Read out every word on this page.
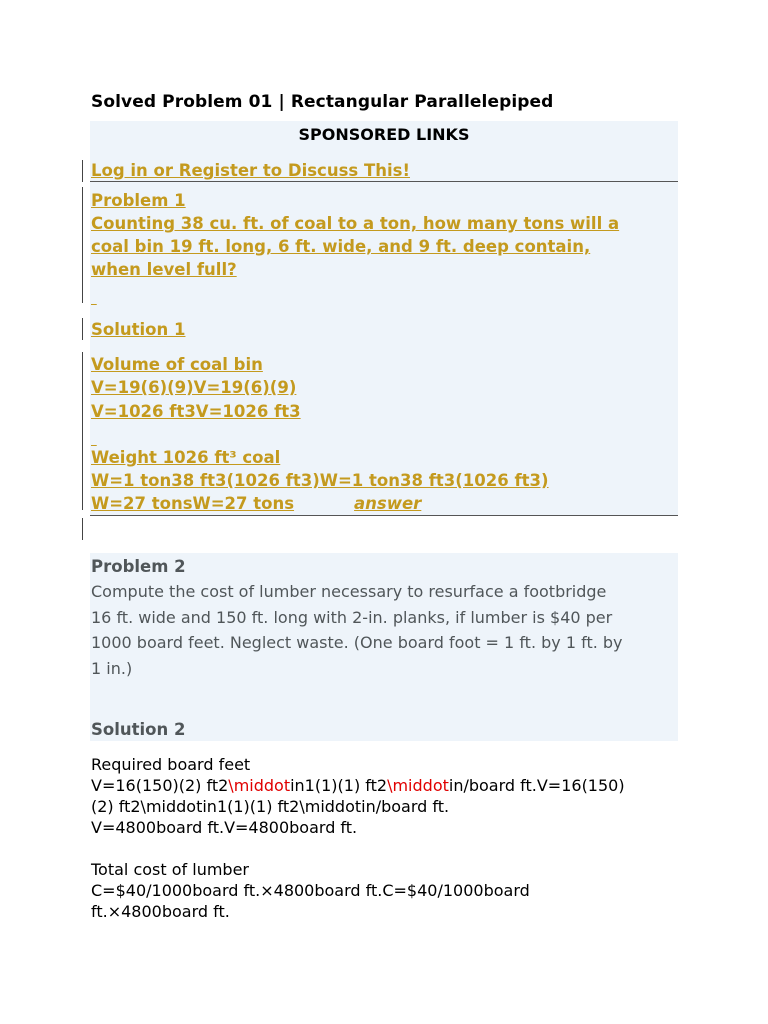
Solved Problem 01 | Rectangular Parallelepiped
SPONSORED LINKS
Log in or Register to Discuss This!
Problem 1
Counting 38 cu. ft. of coal to a ton, how many tons will a
coal bin 19 ft. long, 6 ft. wide, and 9 ft. deep contain,
when level full?

Solution 1
Volume of coal bin
V=19(6)(9)V=19(6)(9)
V=1026 ft3V=1026 ft3

Weight 1026 ft³ coal
W=1 ton38 ft3(1026 ft3)W=1 ton38 ft3(1026 ft3)
W=27 tonsW=27 tons	answer
Problem 2
Compute the cost of lumber necessary to resurface a footbridge
16 ft. wide and 150 ft. long with 2-in. planks, if lumber is $40 per
1000 board feet. Neglect waste. (One board foot = 1 ft. by 1 ft. by
1 in.)
Solution 2
Required board feet
V=16(150)(2) ft2\middotin1(1)(1) ft2\middotin/board ft.V=16(150)
(2) ft2\middotin1(1)(1) ft2\middotin/board ft.
V=4800board ft.V=4800board ft.
Total cost of lumber
C=$40/1000board ft.×4800board ft.C=$40/1000board
ft.×4800board ft.
